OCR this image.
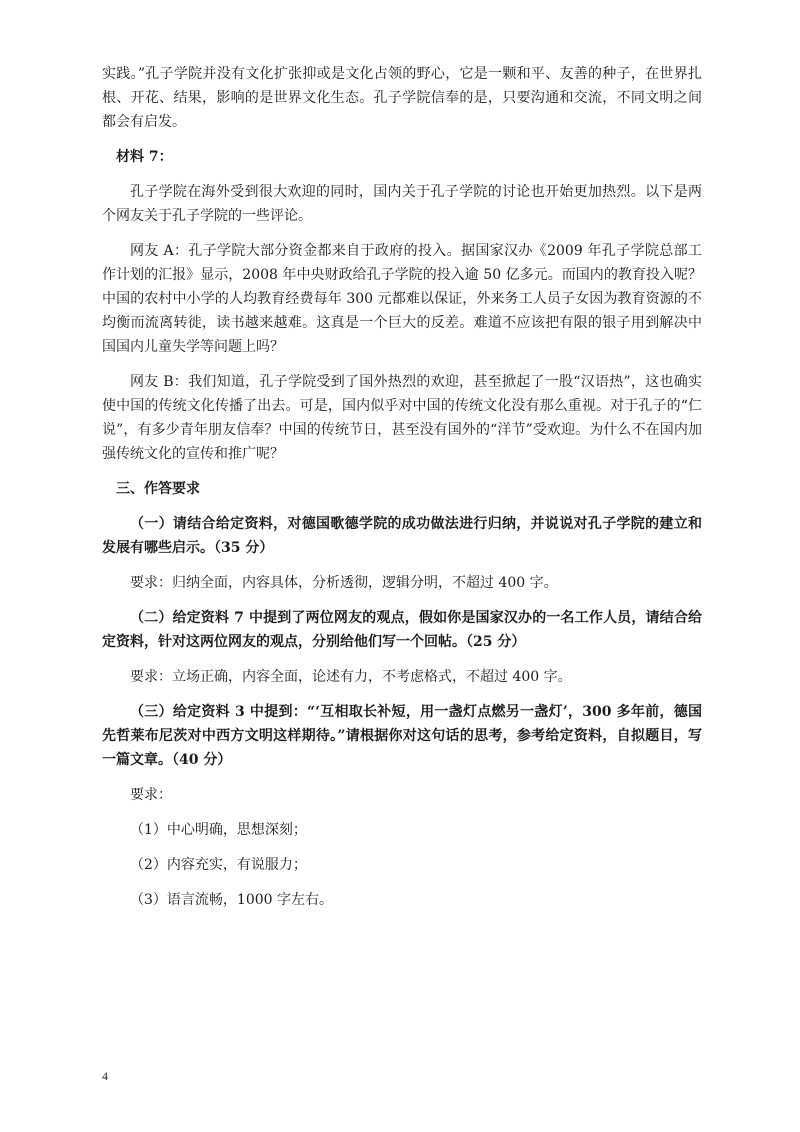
实践。”孔子学院并没有文化扩张抑或是文化占领的野心，它是一颗和平、友善的种子，在世界扎根、开花、结果，影响的是世界文化生态。孔子学院信奉的是，只要沟通和交流，不同文明之间都会有启发。

材料 7：

孔子学院在海外受到很大欢迎的同时，国内关于孔子学院的讨论也开始更加热烈。以下是两个网友关于孔子学院的一些评论。

网友 A：孔子学院大部分资金都来自于政府的投入。据国家汉办《2009 年孔子学院总部工作计划的汇报》显示，2008 年中央财政给孔子学院的投入逾 50 亿多元。而国内的教育投入呢？中国的农村中小学的人均教育经费每年 300 元都难以保证，外来务工人员子女因为教育资源的不均衡而流离转徙，读书越来越难。这真是一个巨大的反差。难道不应该把有限的银子用到解决中国国内儿童失学等问题上吗？

网友 B：我们知道，孔子学院受到了国外热烈的欢迎，甚至掀起了一股“汉语热”，这也确实使中国的传统文化传播了出去。可是，国内似乎对中国的传统文化没有那么重视。对于孔子的“仁说”，有多少青年朋友信奉？中国的传统节日，甚至没有国外的“洋节”受欢迎。为什么不在国内加强传统文化的宣传和推广呢？

三、作答要求

（一）请结合给定资料，对德国歌德学院的成功做法进行归纳，并说说对孔子学院的建立和发展有哪些启示。（35 分）

要求：归纳全面，内容具体，分析透彻，逻辑分明，不超过 400 字。

（二）给定资料 7 中提到了两位网友的观点，假如你是国家汉办的一名工作人员，请结合给定资料，针对这两位网友的观点，分别给他们写一个回帖。（25 分）

要求：立场正确，内容全面，论述有力，不考虑格式，不超过 400 字。

（三）给定资料 3 中提到：“‘互相取长补短，用一盏灯点燃另一盏灯’，300 多年前，德国先哲莱布尼茨对中西方文明这样期待。”请根据你对这句话的思考，参考给定资料，自拟题目，写一篇文章。（40 分）

要求：

（1）中心明确，思想深刻；

（2）内容充实，有说服力；

（3）语言流畅，1000 字左右。

4
